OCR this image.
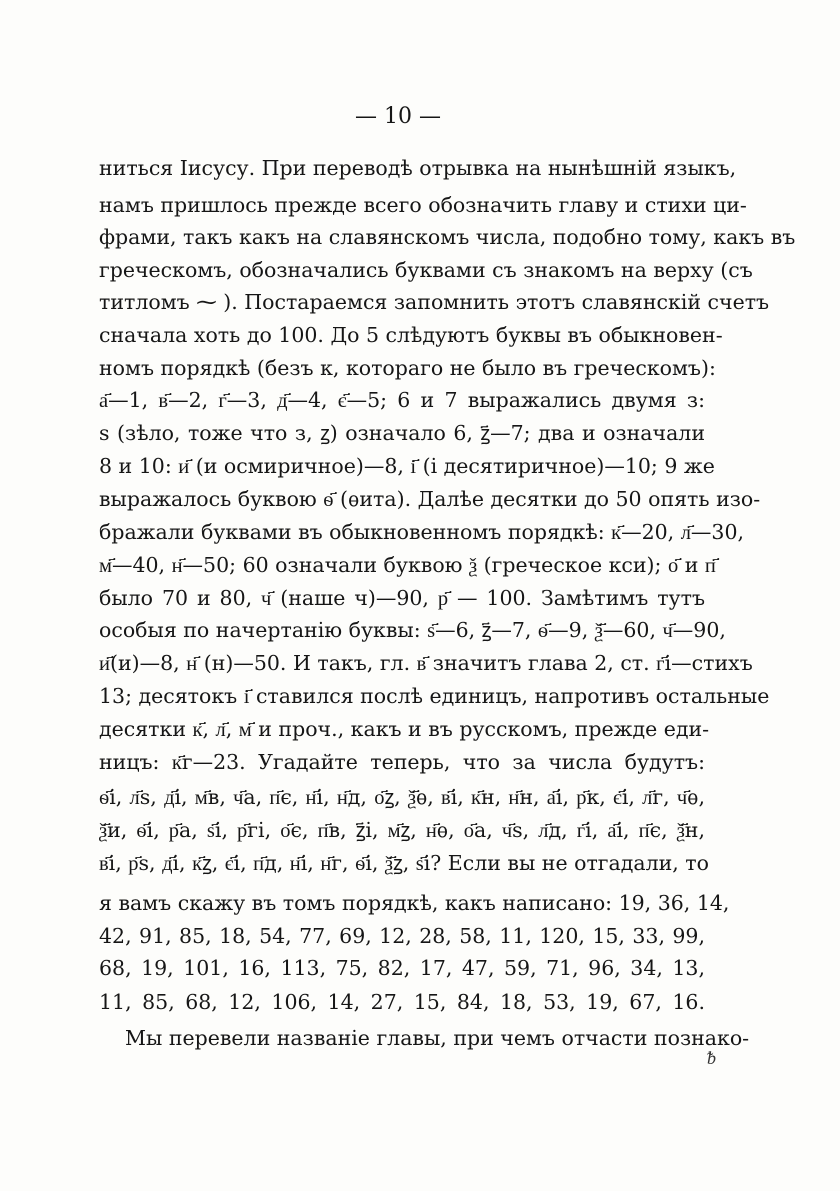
— 10 —
ниться Іисусу. При переводѣ отрывка на нынѣшній языкъ,
намъ пришлось прежде всего обозначить главу и стихи ци-
фрами, такъ какъ на славянскомъ числа, подобно тому, какъ въ
греческомъ, обозначались буквами съ знакомъ на верху (съ
титломъ ⁓ ). Постараемся запомнить этотъ славянскій счетъ
сначала хоть до 100. До 5 слѣдуютъ буквы въ обыкновен-
номъ порядкѣ (безъ к, котораго не было въ греческомъ):
а҃—1, в҃—2, г҃—3, д҃—4, є҃—5; 6 и 7 выражались двумя з:
ѕ (зѣло, тоже что з, ꙁ) означало 6, ꙁ҃—7; два и означали
8 и 10: и҃ (и осмиричное)—8, і҃ (і десятиричное)—10; 9 же
выражалось буквою ѳ҃ (ѳита). Далѣе десятки до 50 опять изо-
бражали буквами въ обыкновенномъ порядкѣ: к҃—20, л҃—30,
м҃—40, н҃—50; 60 означали буквою ѯ (греческое кси); о҃ и п҃
было 70 и 80, ч҃ (наше ч)—90, р҃ — 100. Замѣтимъ тутъ
особыя по начертанію буквы: ѕ҃—6, ꙁ҃—7, ѳ҃—9, ѯ҃—60, ч҃—90,
и҃(и)—8, н҃ (н)—50. И такъ, гл. в҃ значитъ глава 2, ст. г҃і—стихъ
13; десятокъ і҃ ставился послѣ единицъ, напротивъ остальные
десятки к҃, л҃, м҃ и проч., какъ и въ русскомъ, прежде еди-
ницъ: к҃г—23. Угадайте теперь, что за числа будутъ:
ѳ҃і, л҃ѕ, д҃і, м҃в, ч҃а, п҃є, н҃і, н҃д, о҃ꙁ, ѯ҃ѳ, в҃і, к҃н, н҃н, а҃і, р҃к, є҃і, л҃г, ч҃ѳ,
ѯ҃и, ѳ҃і, р҃а, ѕ҃і, р҃гі, о҃є, п҃в, ꙁ҃і, м҃ꙁ, н҃ѳ, о҃а, ч҃ѕ, л҃д, г҃і, а҃і, п҃є, ѯ҃н,
в҃і, р҃ѕ, д҃і, к҃ꙁ, є҃і, п҃д, н҃і, н҃г, ѳ҃і, ѯ҃ꙁ, ѕ҃і? Если вы не отгадали, то
я вамъ скажу въ томъ порядкѣ, какъ написано: 19, 36, 14,
42, 91, 85, 18, 54, 77, 69, 12, 28, 58, 11, 120, 15, 33, 99,
68, 19, 101, 16, 113, 75, 82, 17, 47, 59, 71, 96, 34, 13,
11, 85, 68, 12, 106, 14, 27, 15, 84, 18, 53, 19, 67, 16.
Мы перевели названіе главы, при чемъ отчасти познако-
ᵬ
